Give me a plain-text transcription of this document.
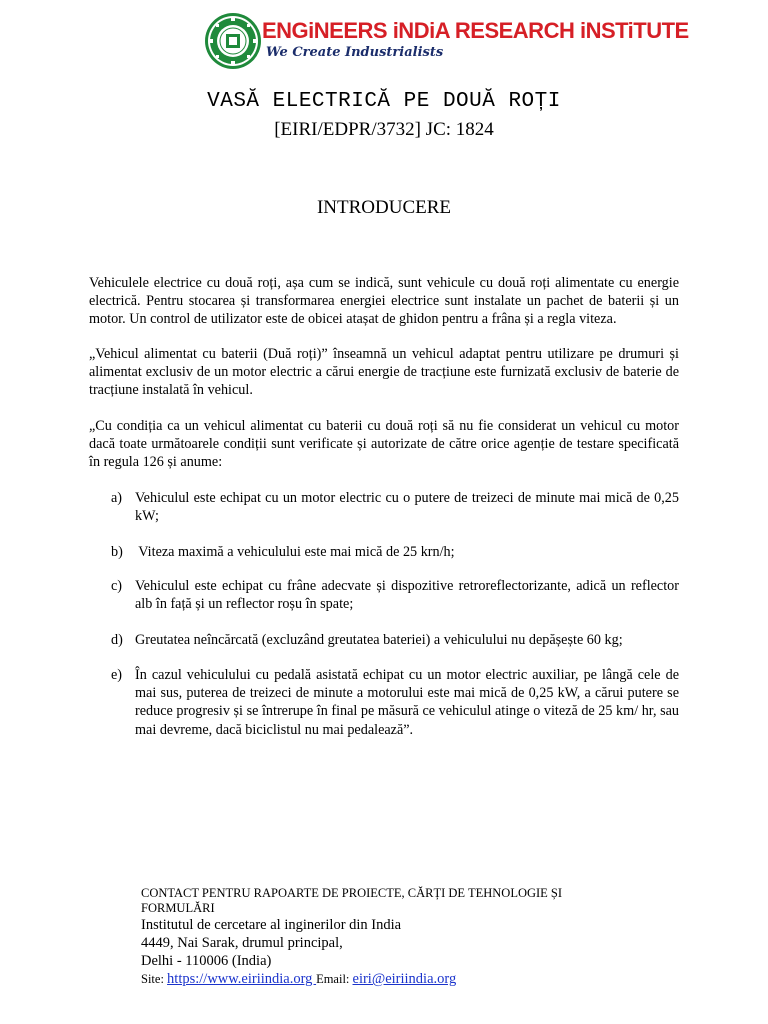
ENGiNEERS iNDiA RESEARCH iNSTiTUTE
We Create Industrialists
VASĂ ELECTRICĂ PE DOUĂ ROȚI
[EIRI/EDPR/3732] JC: 1824
INTRODUCERE

Vehiculele electrice cu două roți, așa cum se indică, sunt vehicule cu două roți alimentate cu energie electrică. Pentru stocarea și transformarea energiei electrice sunt instalate un pachet de baterii și un motor. Un control de utilizator este de obicei atașat de ghidon pentru a frâna și a regla viteza.

„Vehicul alimentat cu baterii (Duă roți)” înseamnă un vehicul adaptat pentru utilizare pe drumuri și alimentat exclusiv de un motor electric a cărui energie de tracțiune este furnizată exclusiv de baterie de tracțiune instalată în vehicul.

„Cu condiția ca un vehicul alimentat cu baterii cu două roți să nu fie considerat un vehicul cu motor dacă toate următoarele condiții sunt verificate și autorizate de către orice agenție de testare specificată în regula 126 și anume:

a) Vehiculul este echipat cu un motor electric cu o putere de treizeci de minute mai mică de 0,25 kW;
b) Viteza maximă a vehiculului este mai mică de 25 krn/h;
c) Vehiculul este echipat cu frâne adecvate și dispozitive retroreflectorizante, adică un reflector alb în față și un reflector roșu în spate;
d) Greutatea neîncărcată (excluzând greutatea bateriei) a vehiculului nu depășește 60 kg;
e) În cazul vehiculului cu pedală asistată echipat cu un motor electric auxiliar, pe lângă cele de mai sus, puterea de treizeci de minute a motorului este mai mică de 0,25 kW, a cărui putere se reduce progresiv și se întrerupe în final pe măsură ce vehiculul atinge o viteză de 25 km/ hr, sau mai devreme, dacă biciclistul nu mai pedalează”.
CONTACT PENTRU RAPOARTE DE PROIECTE, CĂRȚI DE TEHNOLOGIE ȘI FORMULĂRI
Institutul de cercetare al inginerilor din India
4449, Nai Sarak, drumul principal,
Delhi - 110006 (India)
Site: https://www.eiriindia.org Email: eiri@eiriindia.org
